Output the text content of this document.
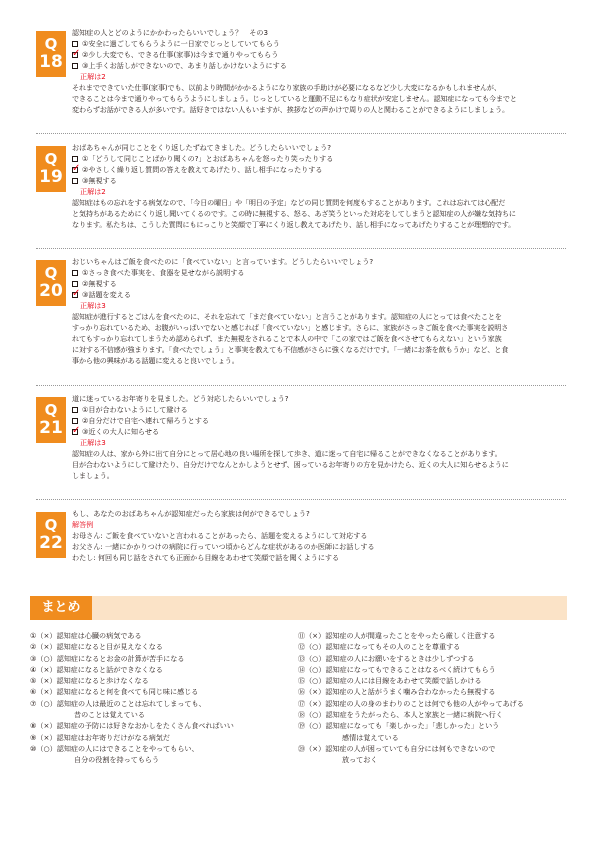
Q
18
認知症の人とどのようにかかわったらいいでしょう？　その3
①安全に過ごしてもらうように一日家でじっとしていてもらう
✓ ②少し大変でも、できる仕事(家事)は今まで通りやってもらう
③上手くお話しができないので、あまり話しかけないようにする
正解は2
それまでできていた仕事(家事)でも、以前より時間がかかるようになり家族の手助けが必要になるなど少し大変になるかもしれませんが、
できることは今まで通りやってもらうようにしましょう。じっとしていると運動不足にもなり症状が安定しません。認知症になっても今までと
変わらずお話ができる人が多いです。話好きではない人もいますが、挨拶などの声かけで周りの人と関わることができるようにしましょう。
Q
19
おばあちゃんが同じことをくり返したずねてきました。どうしたらいいでしょう?
①「どうして同じことばかり聞くの?」とおばあちゃんを怒ったり笑ったりする
✓ ②やさしく繰り返し質問の答えを教えてあげたり、話し相手になったりする
③無視する
正解は2
認知症はもの忘れをする病気なので、「今日の曜日」や「明日の予定」などの同じ質問を何度もすることがあります。これは忘れては心配だ
と気持ちがあるためにくり返し聞いてくるのです。この時に無視する、怒る、あざ笑うといった対応をしてしまうと認知症の人が嫌な気持ちに
なります。私たちは、こうした質問にもにっこりと笑顔で丁寧にくり返し教えてあげたり、話し相手になってあげたりすることが理想的です。
Q
20
おじいちゃんはご飯を食べたのに「食べていない」と言っています。どうしたらいいでしょう?
①さっき食べた事実を、食器を見せながら説明する
②無視する
✓ ③話題を変える
正解は3
認知症が進行するとごはんを食べたのに、それを忘れて「まだ食べていない」と言うことがあります。認知症の人にとっては食べたことを
すっかり忘れているため、お腹がいっぱいでないと感じれば「食べていない」と感じます。さらに、家族がさっきご飯を食べた事実を説明さ
れてもすっかり忘れてしまうため認められず、また無視をされることで本人の中で「この家ではご飯を食べさせてもらえない」という家族
に対する不信感が強まります。「食べたでしょう」と事実を教えても不信感がさらに強くなるだけです。「一緒にお茶を飲もうか」など、と食
事から他の興味がある話題に変えると良いでしょう。
Q
21
道に迷っているお年寄りを見ました。どう対応したらいいでしょう?
①目が合わないようにして避ける
②自分だけで自宅へ連れて帰ろうとする
✓ ③近くの大人に知らせる
正解は3
認知症の人は、家から外に出て自分にとって居心地の良い場所を探して歩き、道に迷って自宅に帰ることができなくなることがあります。
目が合わないようにして避けたり、自分だけでなんとかしようとせず、困っているお年寄りの方を見かけたら、近くの大人に知らせるように
しましょう。
Q
22
もし、あなたのおばあちゃんが認知症だったら家族は何ができるでしょう?
解答例
お母さん: ご飯を食べていないと言われることがあったら、話題を変えるようにして対応する
お父さん: 一緒にかかりつけの病院に行っていつ頃からどんな症状があるのか医師にお話しする
わたし: 何回も同じ話をされても正面から目線をあわせて笑顔で話を聞くようにする
まとめ
①（×）認知症は心臓の病気である
②（×）認知症になると目が見えなくなる
③（○）認知症になるとお金の計算が苦手になる
④（×）認知症になると話ができなくなる
⑤（×）認知症になると歩けなくなる
⑥（×）認知症になると何を食べても同じ味に感じる
⑦（○）認知症の人は最近のことは忘れてしまっても、
昔のことは覚えている
⑧（×）認知症の予防には好きなおかしをたくさん食べればいい
⑨（×）認知症はお年寄りだけがなる病気だ
⑩（○）認知症の人にはできることをやってもらい、
自分の役割を持ってもらう
⑪（×）認知症の人が間違ったことをやったら厳しく注意する
⑫（○）認知症になってもその人のことを尊重する
⑬（○）認知症の人にお願いをするときは少しずつする
⑭（○）認知症になってもできることはなるべく続けてもらう
⑮（○）認知症の人には目線をあわせて笑顔で話しかける
⑯（×）認知症の人と話がうまく噛み合わなかったら無視する
⑰（×）認知症の人の身のまわりのことは何でも他の人がやってあげる
⑱（○）認知症をうたがったら、本人と家族と一緒に病院へ行く
⑲（○）認知症になっても「楽しかった」「悲しかった」という
感情は覚えている
⑳（×）認知症の人が困っていても自分には何もできないので
放っておく
